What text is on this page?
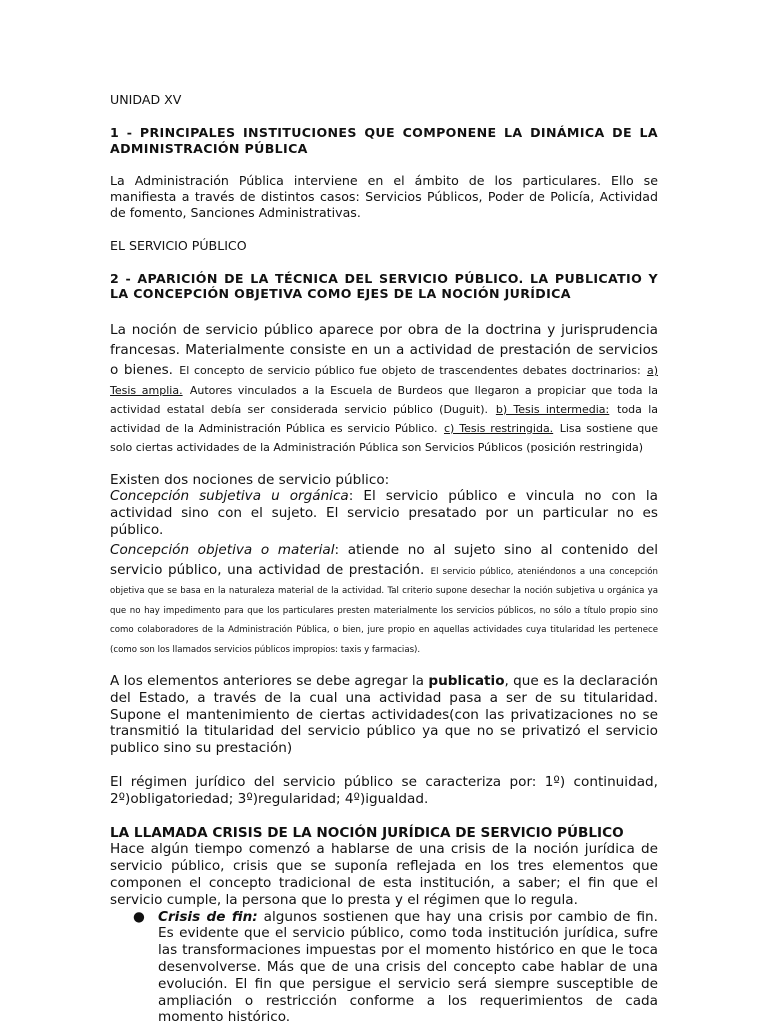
UNIDAD XV

1 - PRINCIPALES INSTITUCIONES QUE COMPONENE LA DINÁMICA DE LA ADMINISTRACIÓN PÚBLICA

La Administración Pública interviene en el ámbito de los particulares. Ello se manifiesta a través de distintos casos: Servicios Públicos, Poder de Policía, Actividad de fomento, Sanciones Administrativas.

EL SERVICIO PÚBLICO

2 - APARICIÓN DE LA TÉCNICA DEL SERVICIO PÚBLICO. LA PUBLICATIO Y LA CONCEPCIÓN OBJETIVA COMO EJES DE LA NOCIÓN JURÍDICA

La noción de servicio público aparece por obra de la doctrina y jurisprudencia francesas. Materialmente consiste en un a actividad de prestación de servicios o bienes. El concepto de servicio público fue objeto de trascendentes debates doctrinarios: a) Tesis amplia. Autores vinculados a la Escuela de Burdeos que llegaron a propiciar que toda la actividad estatal debía ser considerada servicio público (Duguit). b) Tesis intermedia: toda la actividad de la Administración Pública es servicio Público. c) Tesis restringida. Lisa sostiene que solo ciertas actividades de la Administración Pública son Servicios Públicos (posición restringida)

Existen dos nociones de servicio público:

Concepción subjetiva u orgánica: El servicio público e vincula no con la actividad sino con el sujeto. El servicio presatado por un particular no es público.

Concepción objetiva o material: atiende no al sujeto sino al contenido del servicio público, una actividad de prestación. El servicio público, ateniéndonos a una concepción objetiva que se basa en la naturaleza material de la actividad. Tal criterio supone desechar la noción subjetiva u orgánica ya que no hay impedimento para que los particulares presten materialmente los servicios públicos, no sólo a título propio sino como colaboradores de la Administración Pública, o bien, jure propio en aquellas actividades cuya titularidad les pertenece (como son los llamados servicios públicos impropios: taxis y farmacias).

A los elementos anteriores se debe agregar la publicatio, que es la declaración del Estado, a través de la cual una actividad pasa a ser de su titularidad. Supone el mantenimiento de ciertas actividades(con las privatizaciones no se transmitió la titularidad del servicio público ya que no se privatizó el servicio publico sino su prestación)

El régimen jurídico del servicio público se caracteriza por: 1º) continuidad, 2º)obligatoriedad; 3º)regularidad; 4º)igualdad.

LA LLAMADA CRISIS DE LA NOCIÓN JURÍDICA DE SERVICIO PÚBLICO

Hace algún tiempo comenzó a hablarse de una crisis de la noción jurídica de servicio público, crisis que se suponía reflejada en los tres elementos que componen el concepto tradicional de esta institución, a saber; el fin que el servicio cumple, la persona que lo presta y el régimen que lo regula.

● Crisis de fin: algunos sostienen que hay una crisis por cambio de fin. Es evidente que el servicio público, como toda institución jurídica, sufre las transformaciones impuestas por el momento histórico en que le toca desenvolverse. Más que de una crisis del concepto cabe hablar de una evolución. El fin que persigue el servicio será siempre susceptible de ampliación o restricción conforme a los requerimientos de cada momento histórico.
